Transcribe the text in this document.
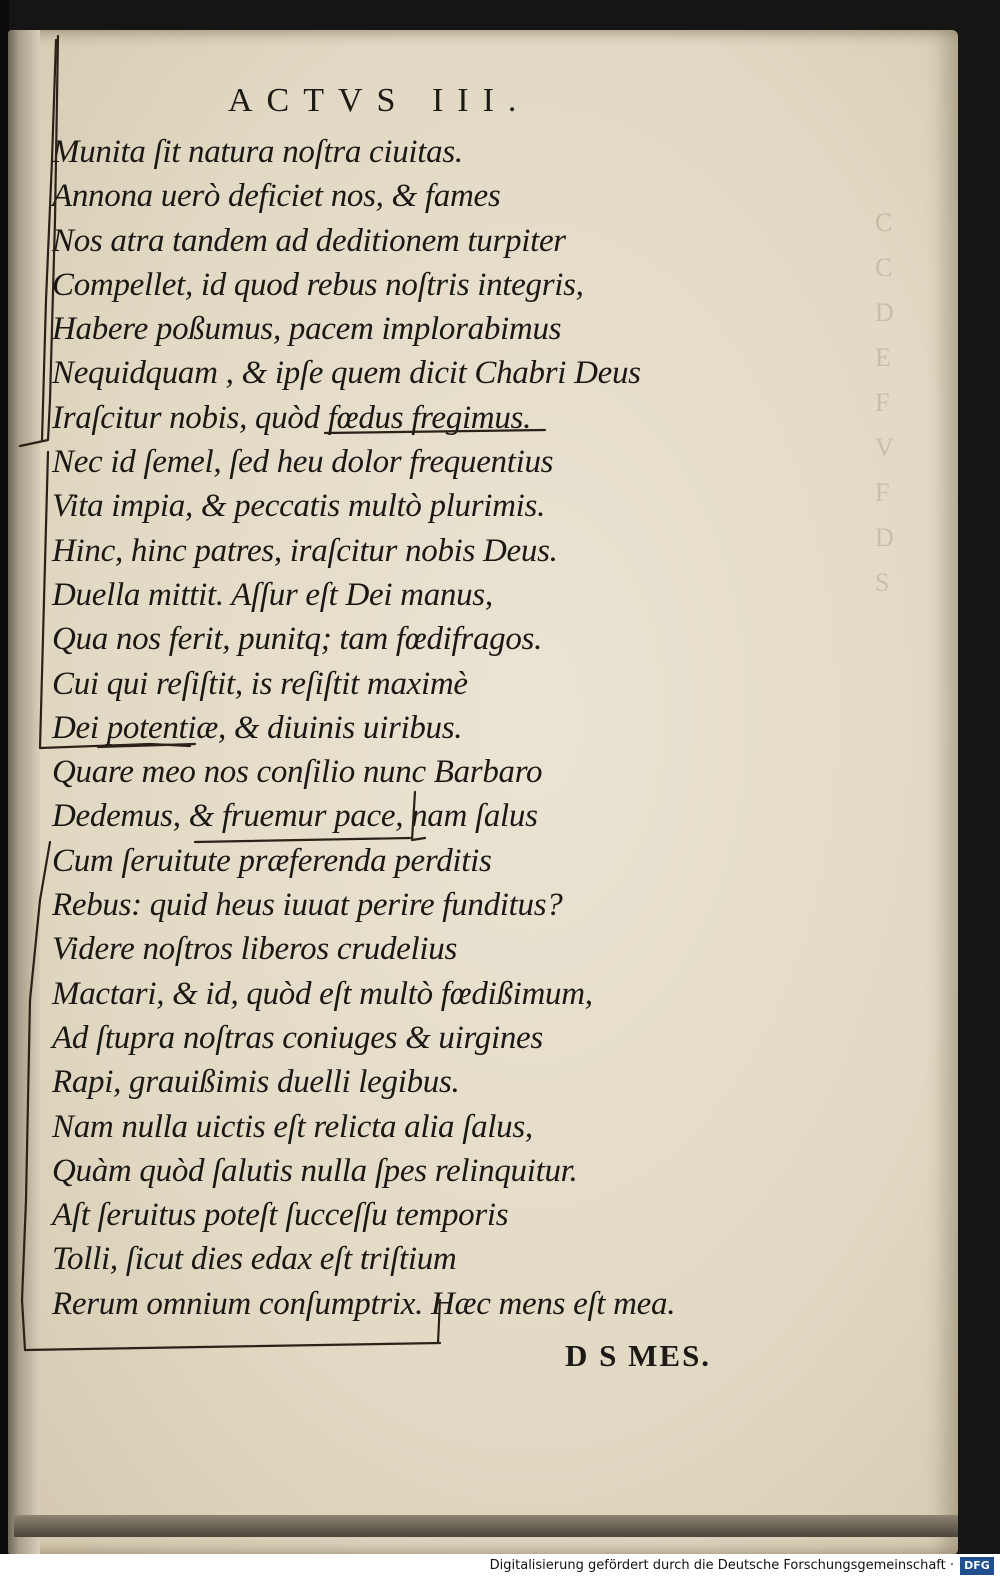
C
C
D
E
F
V
F
D
S
ACTVS III.
Munita ſit natura noſtra ciuitas.
Annona uerò deficiet nos, & fames
Nos atra tandem ad deditionem turpiter
Compellet, id quod rebus noſtris integris,
Habere poßumus, pacem implorabimus
Nequidquam , & ipſe quem dicit Chabri Deus
Iraſcitur nobis, quòd fœdus fregimus.
Nec id ſemel, ſed heu dolor frequentius
Vita impia, & peccatis multò plurimis.
Hinc, hinc patres, iraſcitur nobis Deus.
Duella mittit. Aſſur eſt Dei manus,
Qua nos ferit, punitq; tam fœdifragos.
Cui qui reſiſtit, is reſiſtit maximè
Dei potentiæ, & diuinis uiribus.
Quare meo nos conſilio nunc Barbaro
Dedemus, & fruemur pace, nam ſalus
Cum ſeruitute præferenda perditis
Rebus: quid heus iuuat perire funditus?
Videre noſtros liberos crudelius
Mactari, & id, quòd eſt multò fœdißimum,
Ad ſtupra noſtras coniuges & uirgines
Rapi, grauißimis duelli legibus.
Nam nulla uictis eſt relicta alia ſalus,
Quàm quòd ſalutis nulla ſpes relinquitur.
Aſt ſeruitus poteſt ſucceſſu temporis
Tolli, ſicut dies edax eſt triſtium
Rerum omnium conſumptrix. Hæc mens eſt mea.
D S MES.
Digitalisierung gefördert durch die Deutsche Forschungsgemeinschaft · DFG
